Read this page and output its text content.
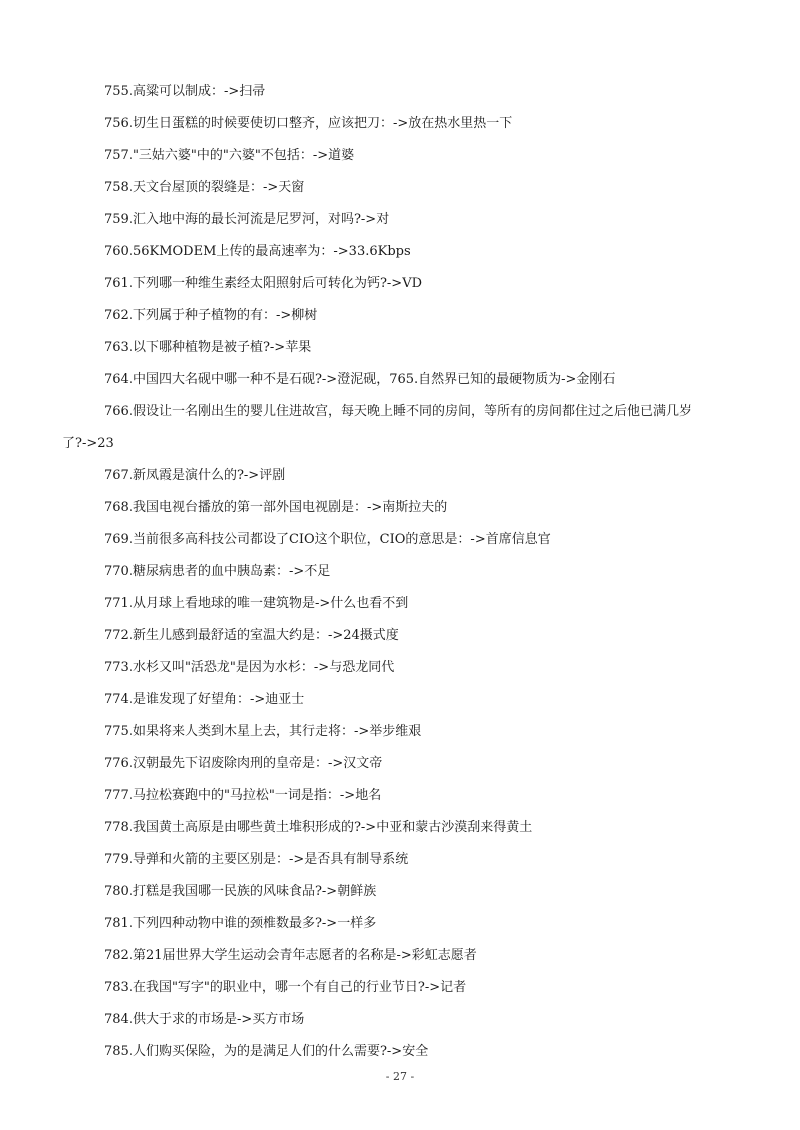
755.高粱可以制成：->扫帚
756.切生日蛋糕的时候要使切口整齐，应该把刀：->放在热水里热一下
757."三姑六婆"中的"六婆"不包括：->道婆
758.天文台屋顶的裂缝是：->天窗
759.汇入地中海的最长河流是尼罗河，对吗?->对
760.56KMODEM上传的最高速率为：->33.6Kbps
761.下列哪一种维生素经太阳照射后可转化为钙?->VD
762.下列属于种子植物的有：->柳树
763.以下哪种植物是被子植?->苹果
764.中国四大名砚中哪一种不是石砚?->澄泥砚，765.自然界已知的最硬物质为->金刚石
766.假设让一名刚出生的婴儿住进故宫，每天晚上睡不同的房间，等所有的房间都住过之后他已满几岁
了?->23
767.新凤霞是演什么的?->评剧
768.我国电视台播放的第一部外国电视剧是：->南斯拉夫的
769.当前很多高科技公司都设了CIO这个职位，CIO的意思是：->首席信息官
770.糖尿病患者的血中胰岛素：->不足
771.从月球上看地球的唯一建筑物是->什么也看不到
772.新生儿感到最舒适的室温大约是：->24摄式度
773.水杉又叫"活恐龙"是因为水杉：->与恐龙同代
774.是谁发现了好望角：->迪亚士
775.如果将来人类到木星上去，其行走将：->举步维艰
776.汉朝最先下诏废除肉刑的皇帝是：->汉文帝
777.马拉松赛跑中的"马拉松"一词是指：->地名
778.我国黄土高原是由哪些黄土堆积形成的?->中亚和蒙古沙漠刮来得黄土
779.导弹和火箭的主要区别是：->是否具有制导系统
780.打糕是我国哪一民族的风味食品?->朝鲜族
781.下列四种动物中谁的颈椎数最多?->一样多
782.第21届世界大学生运动会青年志愿者的名称是->彩虹志愿者
783.在我国"写字"的职业中，哪一个有自己的行业节日?->记者
784.供大于求的市场是->买方市场
785.人们购买保险，为的是满足人们的什么需要?->安全
- 27 -
